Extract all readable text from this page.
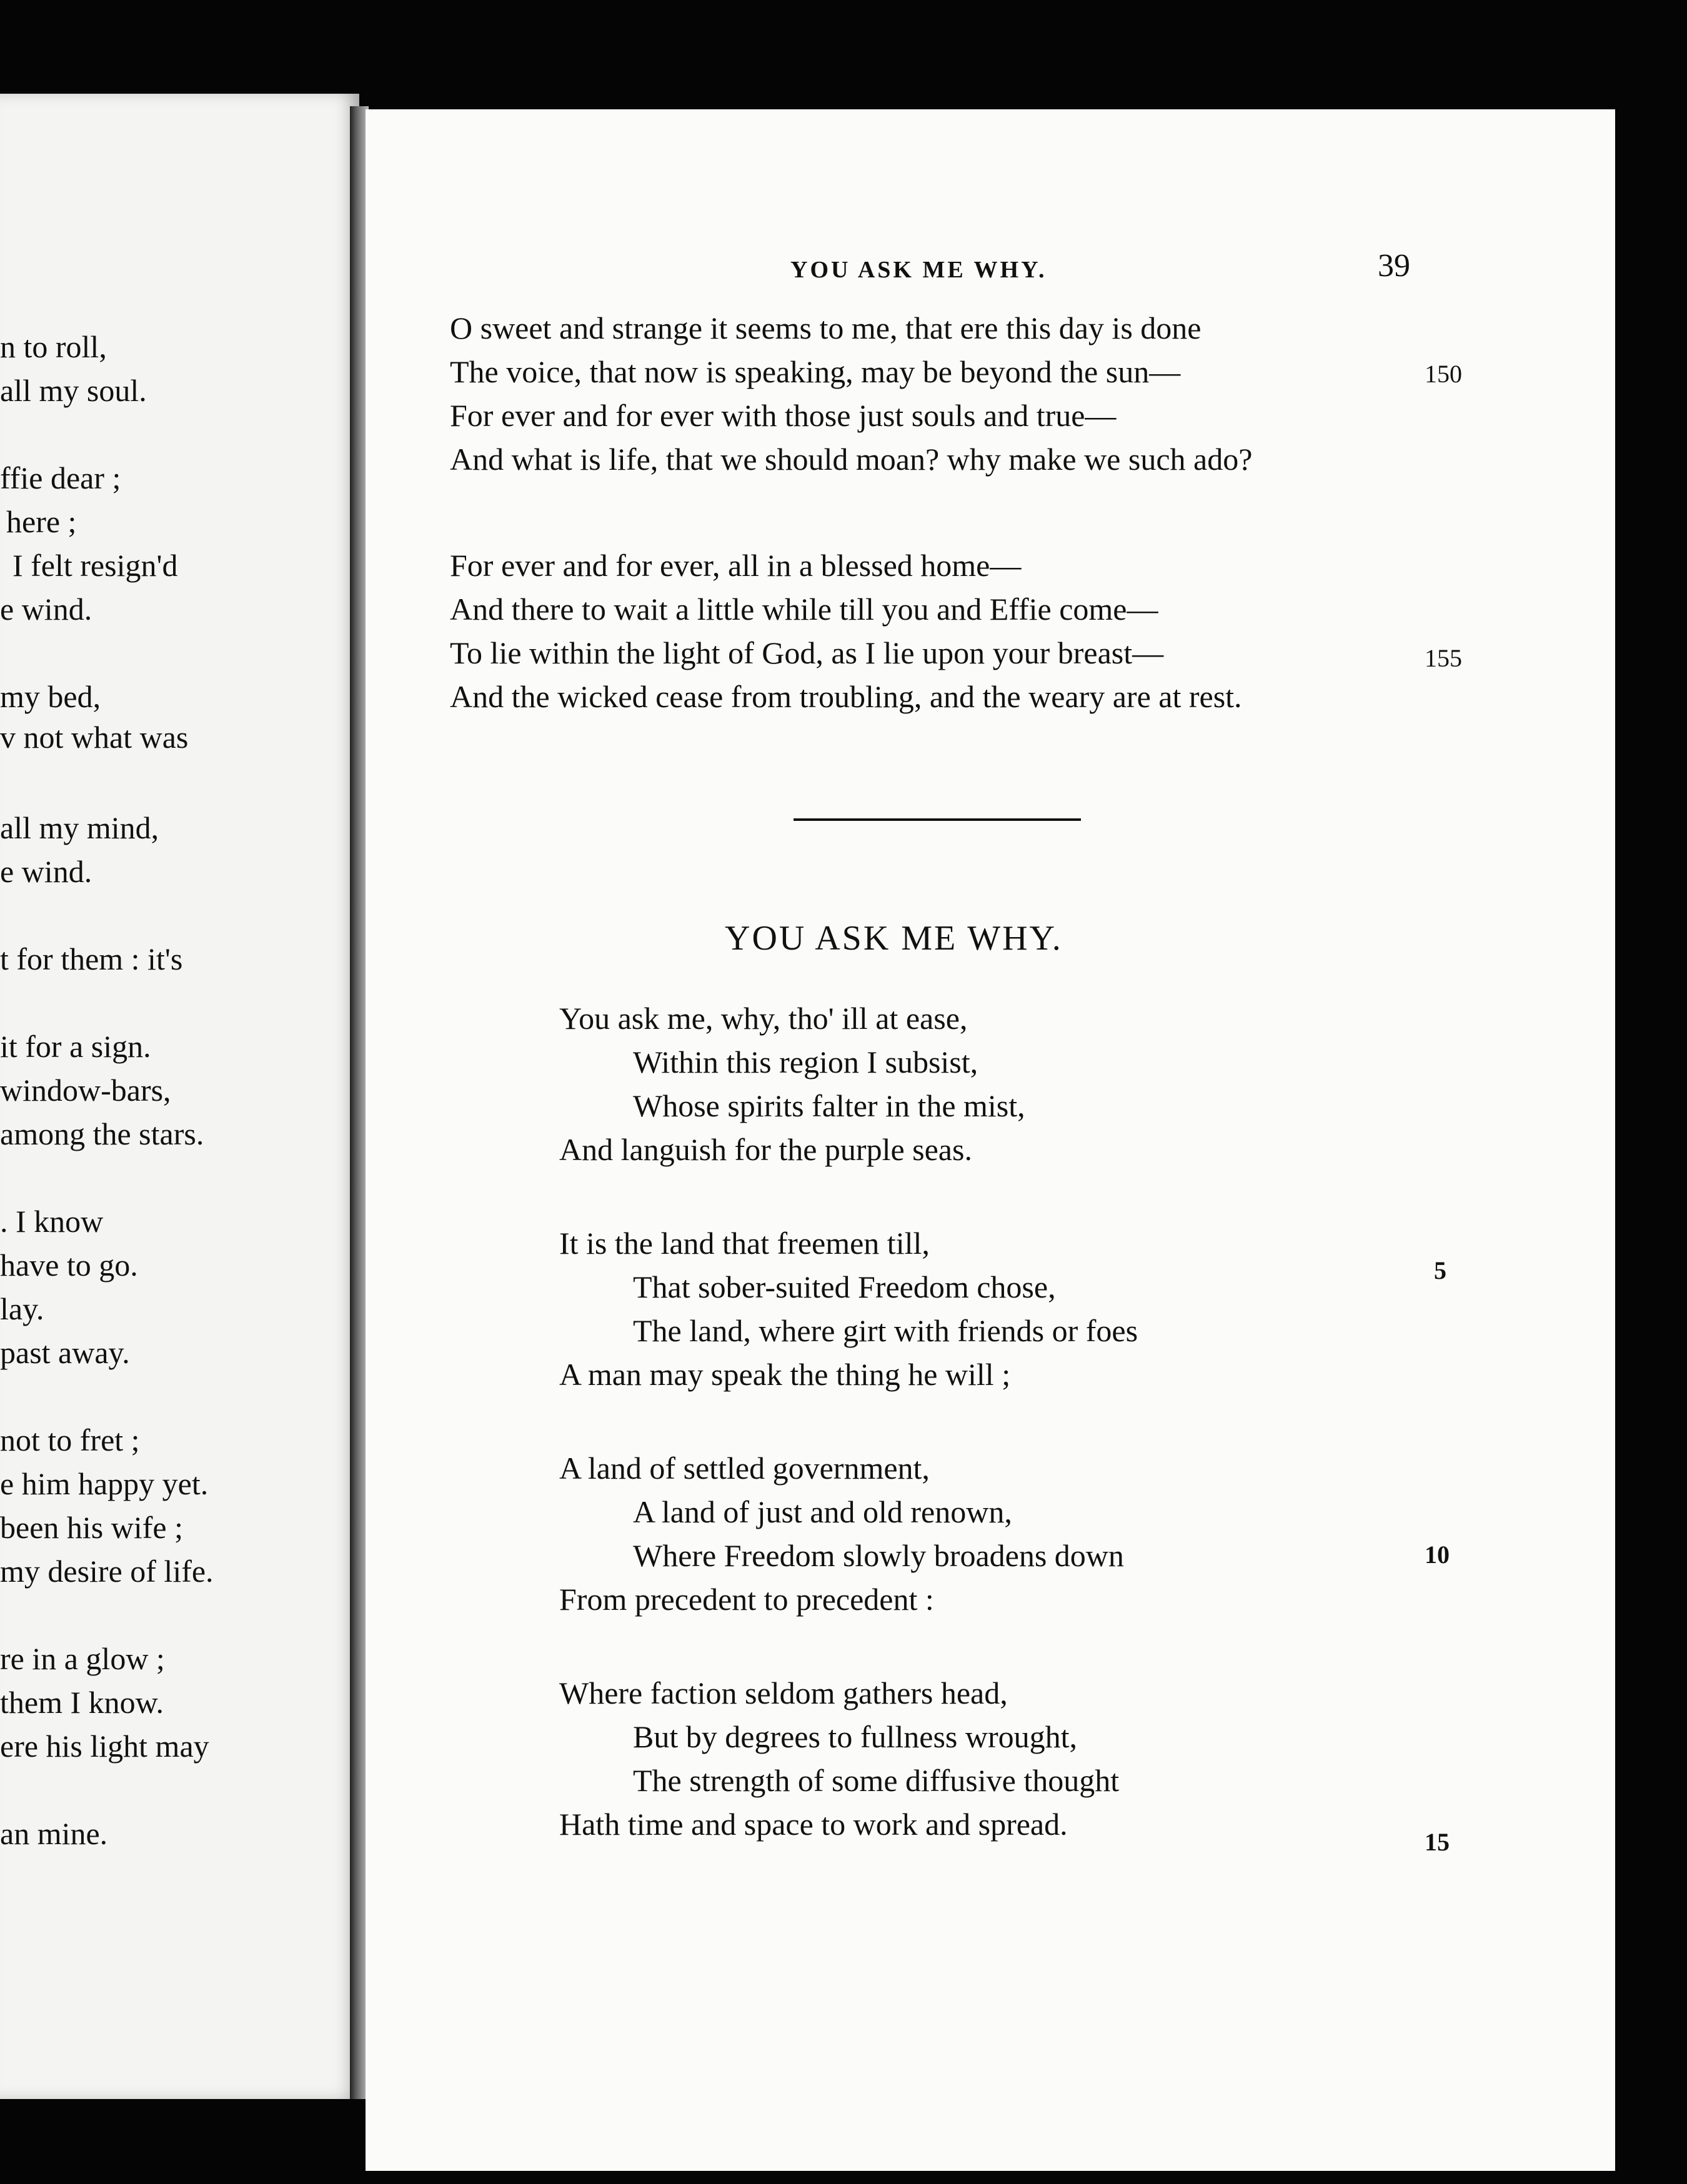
n to roll,
all my soul.
ffie dear ;
here ;
I felt resign'd
e wind.
my bed,
v not what was
all my mind,
e wind.
t for them : it's
it for a sign.
window-bars,
among the stars.
. I know
have to go.
lay.
past away.
not to fret ;
e him happy yet.
been his wife ;
my desire of life.
re in a glow ;
them I know.
ere his light may
an mine.
YOU ASK ME WHY.	39
O sweet and strange it seems to me, that ere this day is done
The voice, that now is speaking, may be beyond the sun—	150
For ever and for ever with those just souls and true—
And what is life, that we should moan? why make we such ado?
For ever and for ever, all in a blessed home—
And there to wait a little while till you and Effie come—
To lie within the light of God, as I lie upon your breast—	155
And the wicked cease from troubling, and the weary are at rest.
YOU ASK ME WHY.
You ask me, why, tho' ill at ease,
Within this region I subsist,
Whose spirits falter in the mist,
And languish for the purple seas.
It is the land that freemen till,
That sober-suited Freedom chose,	5
The land, where girt with friends or foes
A man may speak the thing he will ;
A land of settled government,
A land of just and old renown,
10
Where Freedom slowly broadens down
From precedent to precedent :
Where faction seldom gathers head,
But by degrees to fullness wrought,
The strength of some diffusive thought
15
Hath time and space to work and spread.
